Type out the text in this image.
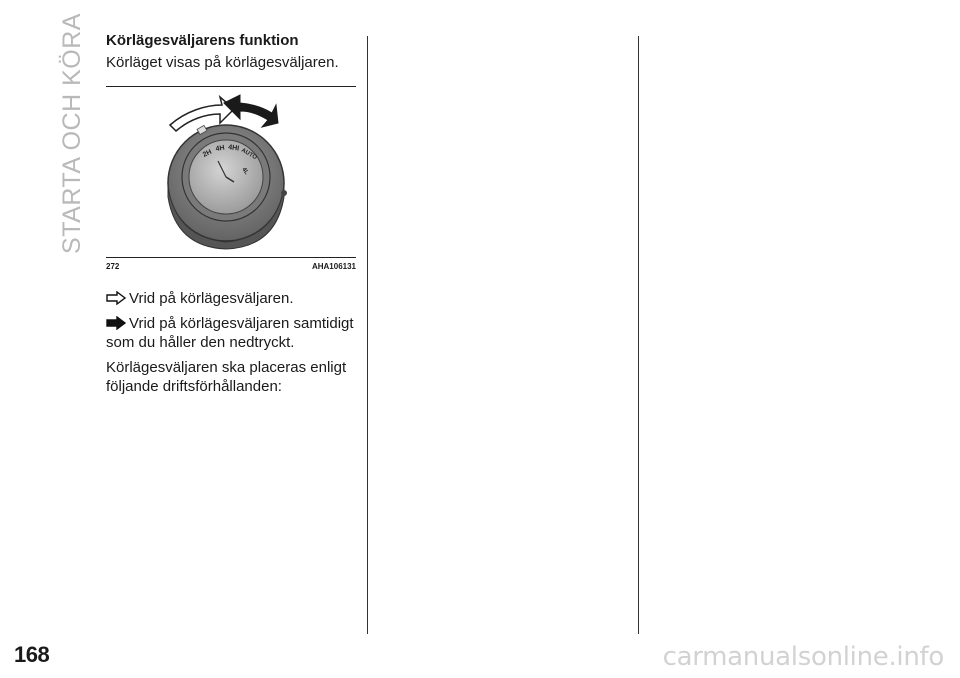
STARTA OCH KÖRA Körlägesväljarens funktion

Körläget visas på körlägesväljaren.

2H 4H 4HI AUTO
4L
272	AHA106131

Vrid på körlägesväljaren.

Vrid på körlägesväljaren samtidigt som du håller den nedtryckt.

Körlägesväljaren ska placeras enligt följande driftsförhållanden:

168	carmanualsonline.info
